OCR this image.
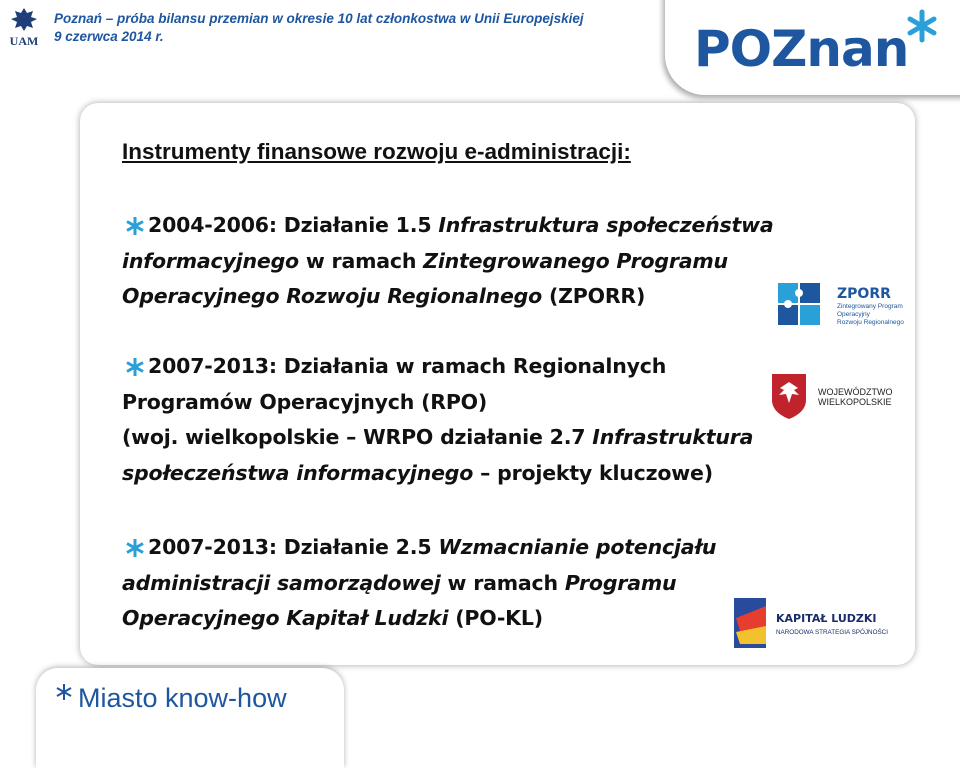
UAM
Poznań – próba bilansu przemian w okresie 10 lat członkostwa w Unii Europejskiej
9 czerwca 2014 r.	POZnan
Instrumenty finansowe rozwoju e-administracji:
2004-2006: Działanie 1.5 Infrastruktura społeczeństwa
informacyjnego w ramach Zintegrowanego Programu
Operacyjnego Rozwoju Regionalnego (ZPORR)
2007-2013: Działania w ramach Regionalnych
Programów Operacyjnych (RPO)
(woj. wielkopolskie – WRPO działanie 2.7 Infrastruktura
społeczeństwa informacyjnego – projekty kluczowe)
2007-2013: Działanie 2.5 Wzmacnianie potencjału
administracji samorządowej w ramach Programu
Operacyjnego Kapitał Ludzki (PO-KL)
ZPORR
Zintegrowany Program
Operacyjny
Rozwoju Regionalnego
WOJEWÓDZTWO
WIELKOPOLSKIE
KAPITAŁ LUDZKI
NARODOWA STRATEGIA SPÓJNOŚCI
Miasto know-how
